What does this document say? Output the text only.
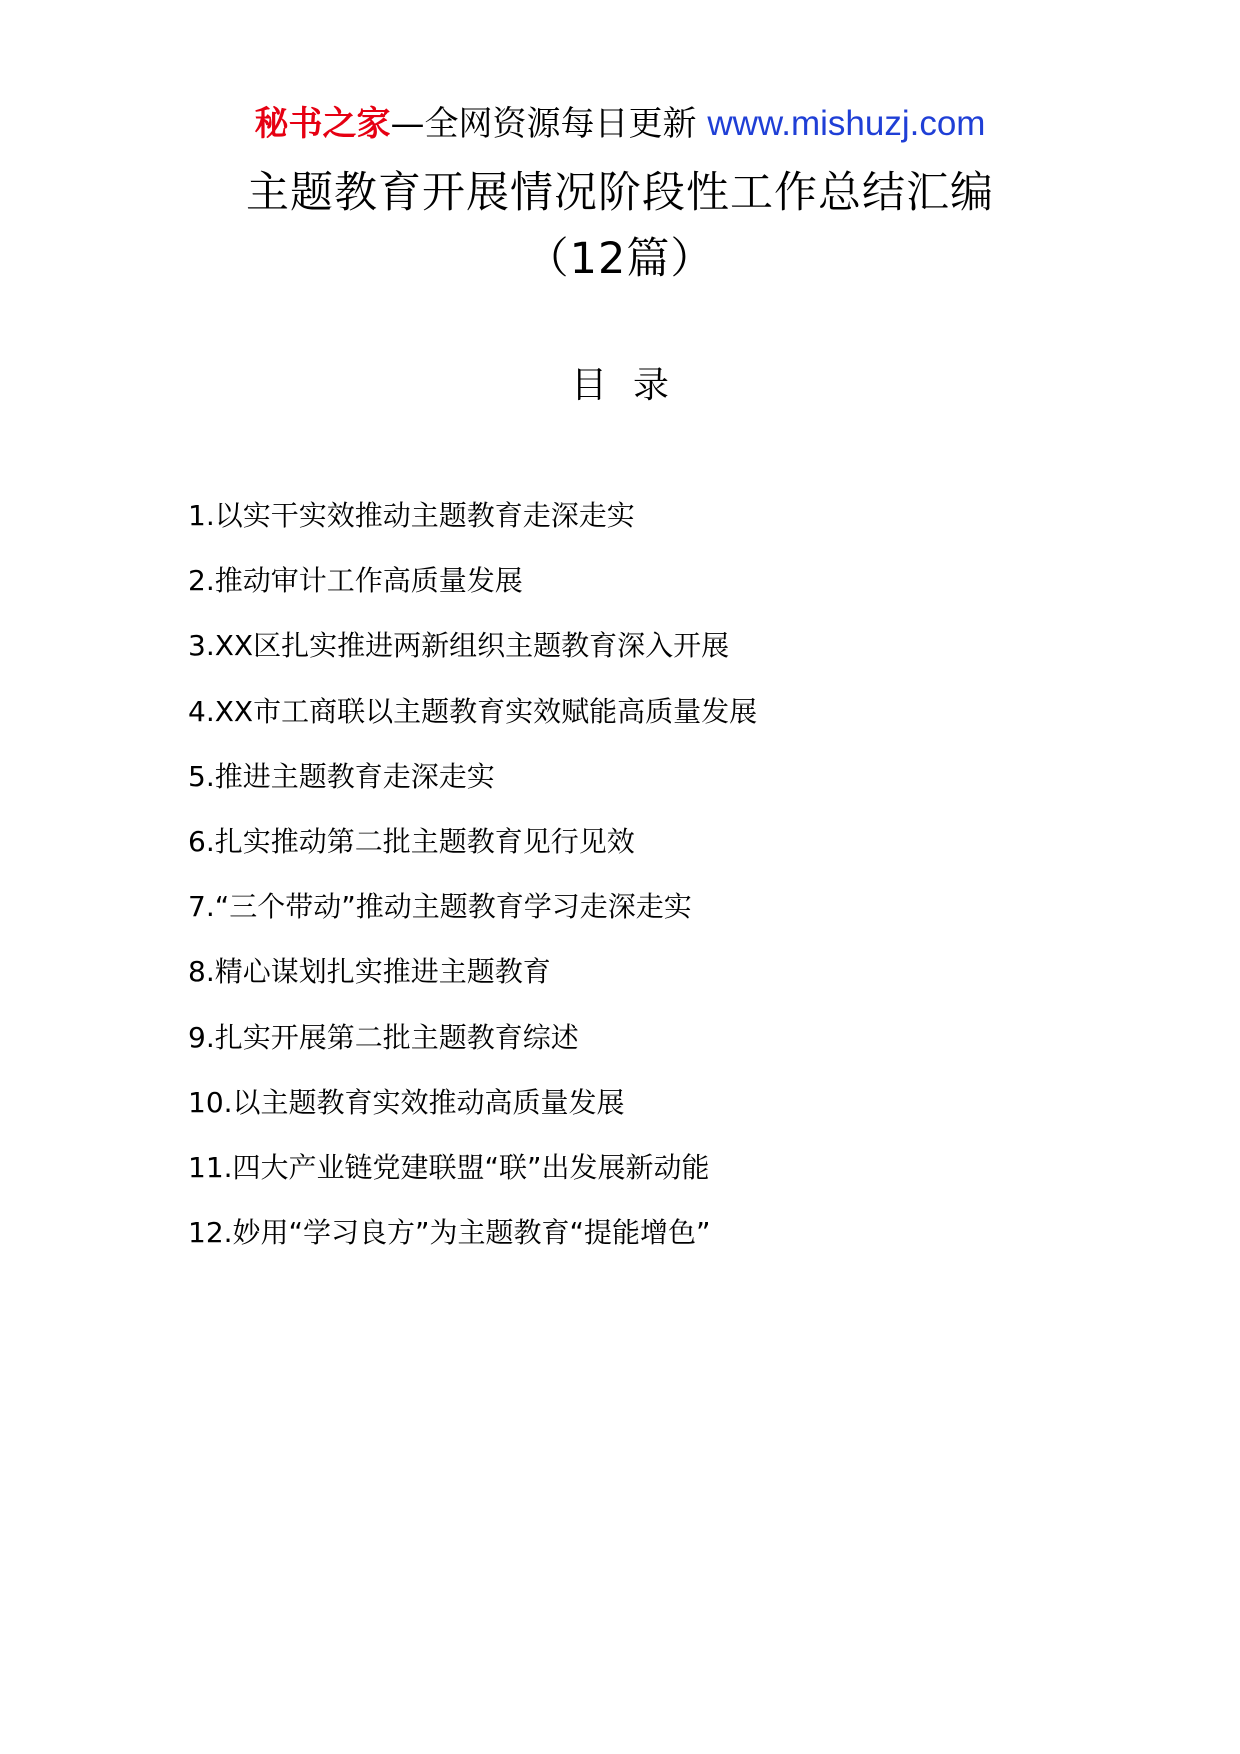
秘书之家—全网资源每日更新 www.mishuzj.com
主题教育开展情况阶段性工作总结汇编（12篇）
目录
1.以实干实效推动主题教育走深走实
2.推动审计工作高质量发展
3.XX区扎实推进两新组织主题教育深入开展
4.XX市工商联以主题教育实效赋能高质量发展
5.推进主题教育走深走实
6.扎实推动第二批主题教育见行见效
7.“三个带动”推动主题教育学习走深走实
8.精心谋划扎实推进主题教育
9.扎实开展第二批主题教育综述
10.以主题教育实效推动高质量发展
11.四大产业链党建联盟“联”出发展新动能
12.妙用“学习良方”为主题教育“提能增色”
